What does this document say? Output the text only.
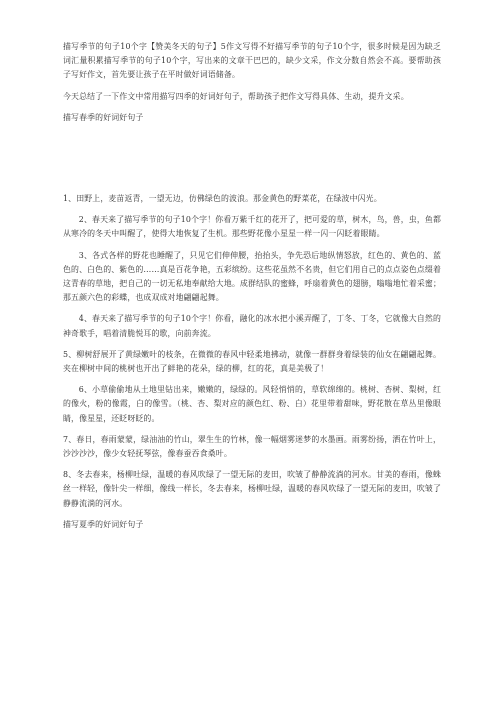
描写季节的句子10个字【赞美冬天的句子】5作文写得不好描写季节的句子10个字，很多时候是因为缺乏词汇量积累描写季节的句子10个字，写出来的文章干巴巴的，缺少文采，作文分数自然会不高。要帮助孩子写好作文，首先要让孩子在平时做好词语储备。

今天总结了一下作文中常用描写四季的好词好句子，帮助孩子把作文写得具体、生动，提升文采。

描写春季的好词好句子

1、田野上，麦苗返青，一望无边，仿佛绿色的波浪。那金黄色的野菜花，在绿波中闪光。

2、春天来了描写季节的句子10个字！你看万紫千红的花开了，把可爱的草，树木，鸟，兽，虫，鱼都从寒冷的冬天中叫醒了，使得大地恢复了生机。那些野花像小星星一样一闪一闪眨着眼睛。

3、各式各样的野花也睡醒了，只见它们伸伸腰，抬抬头，争先恐后地纵情怒放，红色的、黄色的、蓝色的、白色的、紫色的……真是百花争艳，五彩缤纷。这些花虽然不名贵，但它们用自己的点点姿色点缀着这青春的草地，把自己的一切无私地奉献给大地。成群结队的蜜蜂，呼扇着黄色的翅膀，嗡嗡地忙着采蜜；那五颜六色的彩蝶，也成双成对地翩翩起舞。

4、春天来了描写季节的句子10个字！你看，融化的冰水把小溪弄醒了，丁冬、丁冬，它就像大自然的神奇歌手，唱着清脆悦耳的歌，向前奔流。

5、柳树舒展开了黄绿嫩叶的枝条，在微微的春风中轻柔地拂动，就像一群群身着绿装的仙女在翩翩起舞。夹在柳树中间的桃树也开出了鲜艳的花朵，绿的柳，红的花，真是美极了！

6、小草偷偷地从土地里钻出来，嫩嫩的，绿绿的。风轻悄悄的，草软绵绵的。桃树、杏树、梨树，红的像火，粉的像霞，白的像雪。（桃、杏、梨对应的颜色红、粉、白）花里带着甜味，野花散在草丛里像眼睛，像星星，还眨呀眨的。

7、春日，春雨蒙蒙，绿油油的竹山，翠生生的竹林，像一幅烟雾迷梦的水墨画。雨雾纷扬，洒在竹叶上，沙沙沙沙，像少女轻抚琴弦，像春蚕吞食桑叶。

8、冬去春来，杨柳吐绿，温暖的春风吹绿了一望无际的麦田，吹皱了静静流淌的河水。甘美的春雨，像蛛丝一样轻，像针尖一样细，像线一样长，冬去春来，杨柳吐绿，温暖的春风吹绿了一望无际的麦田，吹皱了静静流淌的河水。

描写夏季的好词好句子
